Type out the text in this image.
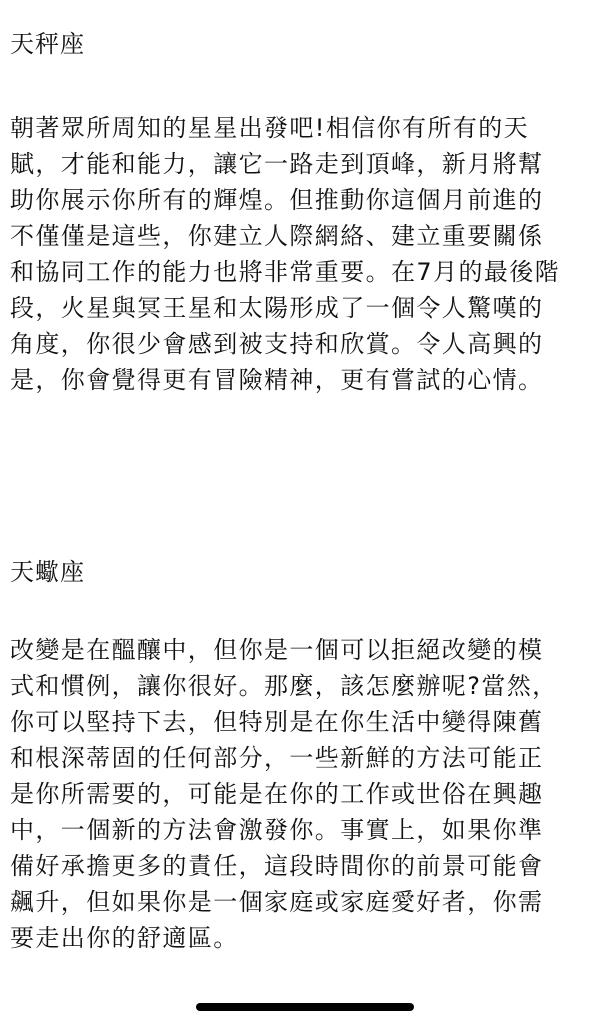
天秤座
朝著眾所周知的星星出發吧!相信你有所有的天
賦，才能和能力，讓它一路走到頂峰，新月將幫
助你展示你所有的輝煌。但推動你這個月前進的
不僅僅是這些，你建立人際網絡、建立重要關係
和協同工作的能力也將非常重要。在7月的最後階
段，火星與冥王星和太陽形成了一個令人驚嘆的
角度，你很少會感到被支持和欣賞。令人高興的
是，你會覺得更有冒險精神，更有嘗試的心情。
天蠍座
改變是在醞釀中，但你是一個可以拒絕改變的模
式和慣例，讓你很好。那麼，該怎麼辦呢?當然，
你可以堅持下去，但特別是在你生活中變得陳舊
和根深蒂固的任何部分，一些新鮮的方法可能正
是你所需要的，可能是在你的工作或世俗在興趣
中，一個新的方法會激發你。事實上，如果你準
備好承擔更多的責任，這段時間你的前景可能會
飆升，但如果你是一個家庭或家庭愛好者，你需
要走出你的舒適區。
